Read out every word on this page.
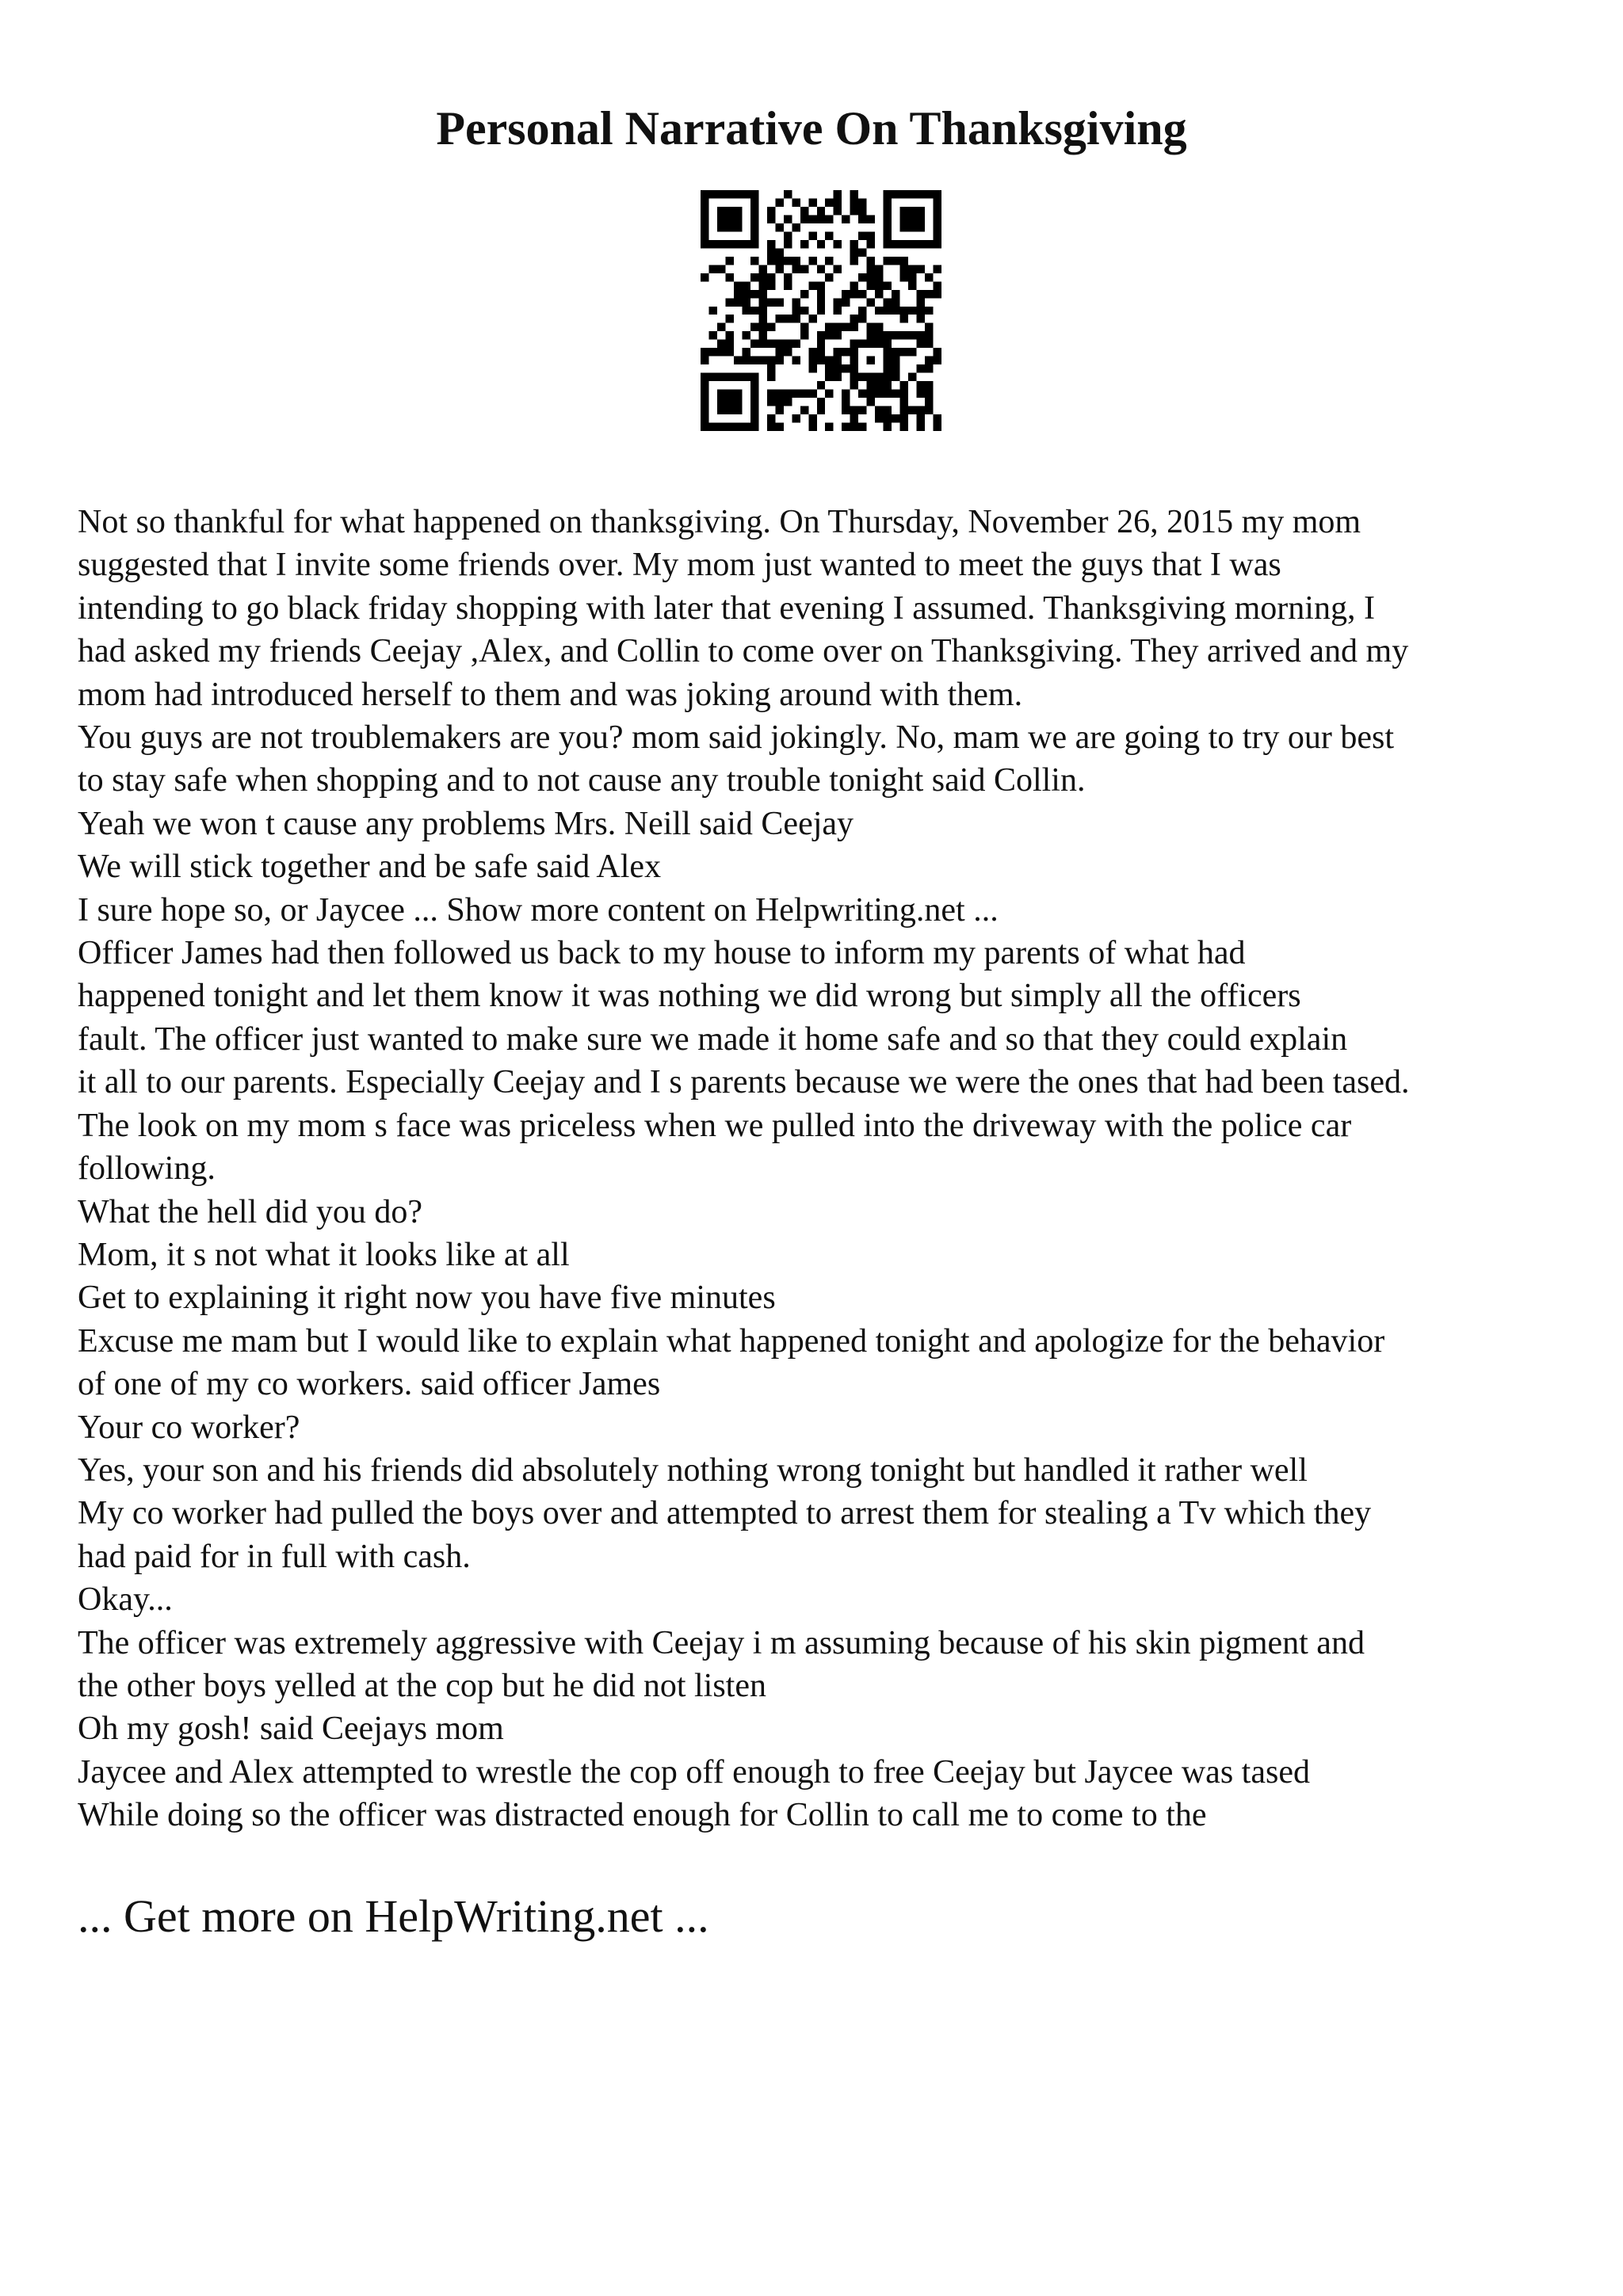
Personal Narrative On Thanksgiving
Not so thankful for what happened on thanksgiving. On Thursday, November 26, 2015 my mom
suggested that I invite some friends over. My mom just wanted to meet the guys that I was
intending to go black friday shopping with later that evening I assumed. Thanksgiving morning, I
had asked my friends Ceejay ,Alex, and Collin to come over on Thanksgiving. They arrived and my
mom had introduced herself to them and was joking around with them.
You guys are not troublemakers are you? mom said jokingly. No, mam we are going to try our best
to stay safe when shopping and to not cause any trouble tonight said Collin.
Yeah we won t cause any problems Mrs. Neill said Ceejay
We will stick together and be safe said Alex
I sure hope so, or Jaycee ... Show more content on Helpwriting.net ...
Officer James had then followed us back to my house to inform my parents of what had
happened tonight and let them know it was nothing we did wrong but simply all the officers
fault. The officer just wanted to make sure we made it home safe and so that they could explain
it all to our parents. Especially Ceejay and I s parents because we were the ones that had been tased.
The look on my mom s face was priceless when we pulled into the driveway with the police car
following.
What the hell did you do?
Mom, it s not what it looks like at all
Get to explaining it right now you have five minutes
Excuse me mam but I would like to explain what happened tonight and apologize for the behavior
of one of my co workers. said officer James
Your co worker?
Yes, your son and his friends did absolutely nothing wrong tonight but handled it rather well
My co worker had pulled the boys over and attempted to arrest them for stealing a Tv which they
had paid for in full with cash.
Okay...
The officer was extremely aggressive with Ceejay i m assuming because of his skin pigment and
the other boys yelled at the cop but he did not listen
Oh my gosh! said Ceejays mom
Jaycee and Alex attempted to wrestle the cop off enough to free Ceejay but Jaycee was tased
While doing so the officer was distracted enough for Collin to call me to come to the
... Get more on HelpWriting.net ...
